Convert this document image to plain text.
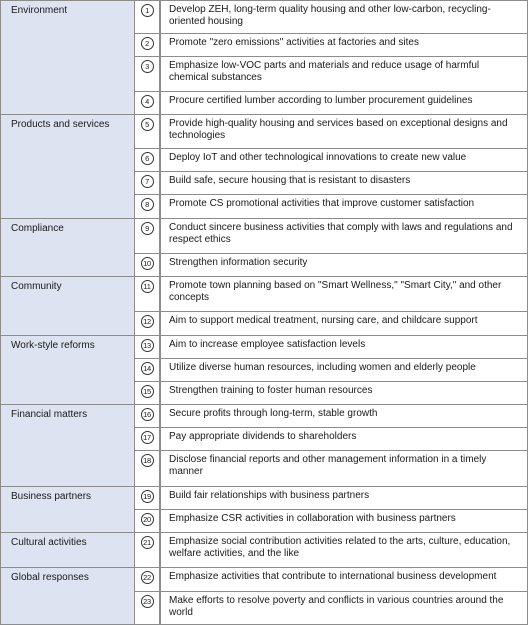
Environment	1		Develop ZEH, long-term quality housing and other low-carbon, recycling-oriented housing
	2		Promote "zero emissions" activities at factories and sites
	3		Emphasize low-VOC parts and materials and reduce usage of harmful chemical substances
	4		Procure certified lumber according to lumber procurement guidelines
Products and services	5		Provide high-quality housing and services based on exceptional designs and technologies
	6		Deploy IoT and other technological innovations to create new value
	7		Build safe, secure housing that is resistant to disasters
	8		Promote CS promotional activities that improve customer satisfaction
Compliance	9		Conduct sincere business activities that comply with laws and regulations and respect ethics
	10		Strengthen information security
Community	11		Promote town planning based on "Smart Wellness," "Smart City," and other concepts
	12		Aim to support medical treatment, nursing care, and childcare support
Work-style reforms	13		Aim to increase employee satisfaction levels
	14		Utilize diverse human resources, including women and elderly people
	15		Strengthen training to foster human resources
Financial matters	16		Secure profits through long-term, stable growth
	17		Pay appropriate dividends to shareholders
	18		Disclose financial reports and other management information in a timely manner
Business partners	19		Build fair relationships with business partners
	20		Emphasize CSR activities in collaboration with business partners
Cultural activities	21		Emphasize social contribution activities related to the arts, culture, education, welfare activities, and the like
Global responses	22		Emphasize activities that contribute to international business development
	23		Make efforts to resolve poverty and conflicts in various countries around the world
